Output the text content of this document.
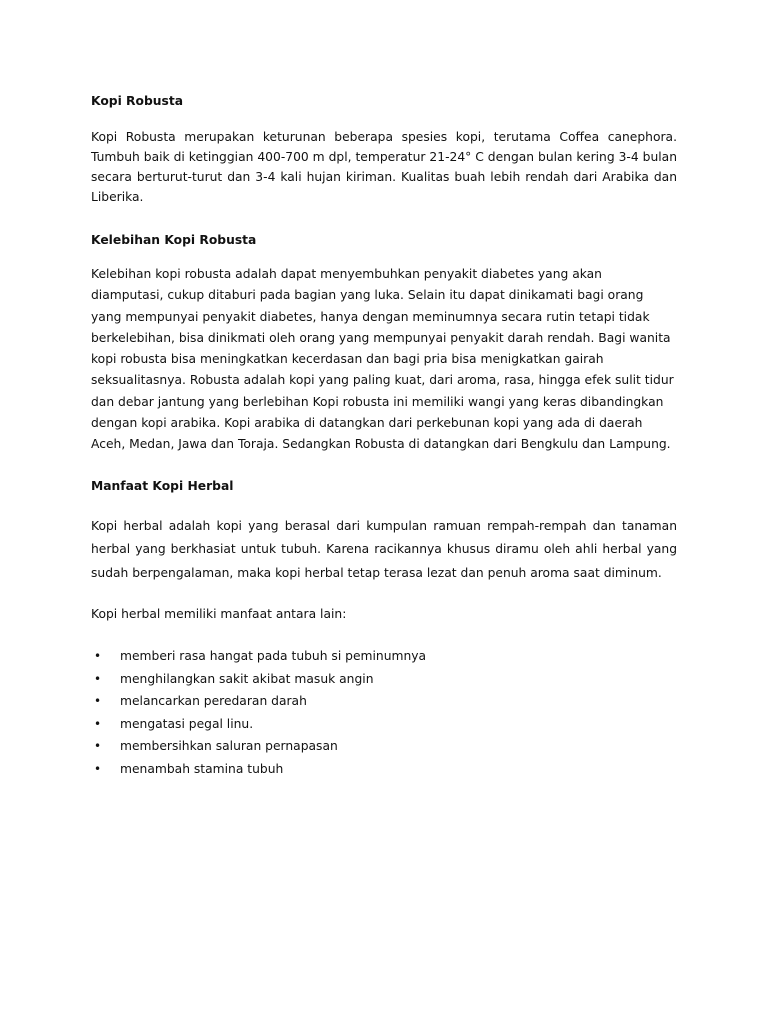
Kopi Robusta

Kopi Robusta merupakan keturunan beberapa spesies kopi, terutama Coffea canephora. Tumbuh baik di ketinggian 400-700 m dpl, temperatur 21-24° C dengan bulan kering 3-4 bulan secara berturut-turut dan 3-4 kali hujan kiriman. Kualitas buah lebih rendah dari Arabika dan Liberika.

Kelebihan Kopi Robusta

Kelebihan kopi robusta adalah dapat menyembuhkan penyakit diabetes yang akan diamputasi, cukup ditaburi pada bagian yang luka. Selain itu dapat dinikamati bagi orang yang mempunyai penyakit diabetes, hanya dengan meminumnya secara rutin tetapi tidak berkelebihan, bisa dinikmati oleh orang yang mempunyai penyakit darah rendah. Bagi wanita kopi robusta bisa meningkatkan kecerdasan dan bagi pria bisa menigkatkan gairah seksualitasnya. Robusta adalah kopi yang paling kuat, dari aroma, rasa, hingga efek sulit tidur dan debar jantung yang berlebihan Kopi robusta ini memiliki wangi yang keras dibandingkan dengan kopi arabika. Kopi arabika di datangkan dari perkebunan kopi yang ada di daerah Aceh, Medan, Jawa dan Toraja. Sedangkan Robusta di datangkan dari Bengkulu dan Lampung.

Manfaat Kopi Herbal

Kopi herbal adalah kopi yang berasal dari kumpulan ramuan rempah-rempah dan tanaman herbal yang berkhasiat untuk tubuh. Karena racikannya khusus diramu oleh ahli herbal yang sudah berpengalaman, maka kopi herbal tetap terasa lezat dan penuh aroma saat diminum.

Kopi herbal memiliki manfaat antara lain:

• memberi rasa hangat pada tubuh si peminumnya
• menghilangkan sakit akibat masuk angin
• melancarkan peredaran darah
• mengatasi pegal linu.
• membersihkan saluran pernapasan
• menambah stamina tubuh
